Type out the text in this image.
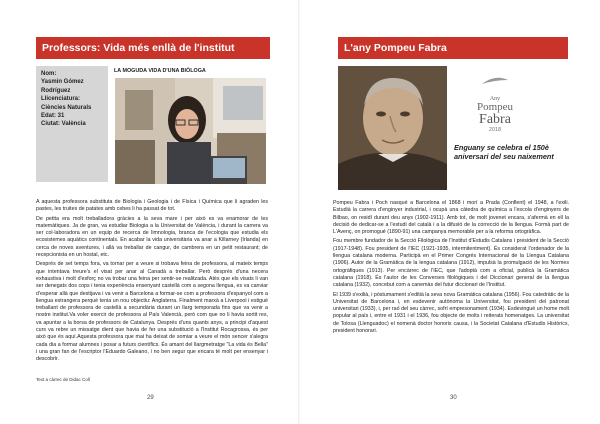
Professors: Vida més enllà de l'institut
Nom:
Yasmin Gómez
Rodríguez
Llicenciatura:
Ciències Naturals
Edat: 31
Ciutat: València
LA MOGUDA VIDA D'UNA BIÒLOGA

A aquesta professora substituta de Biologia i Geologia i de Física i Química que li agraden les pastes, les truites de patates amb cebes li ha passat de tot.

De petita era molt treballadora gràcies a la seva mare i per això es va enamorar de les matemàtiques. Ja de gran, va estudiar Biologia a la Universitat de València, i durant la carrera va ser col·laboradora en un equip de recerca de limnologia, branca de l'ecologia que estudia els ecosistemes aquàtics continentals. En acabar la vida universitària va anar a Killarney (Irlanda) en cerca de noves aventures, i allà va treballar de cangur, de cambrera en un petit restaurant; de recepcionista en un hostal, etc.

Després de set temps fora, va tornar per a veure si trobava feina de professora, al mateix temps que intentava treure's el visat per anar al Canadà a treballar. Però després d'una necera exhaustiva i molt d'esforç no va trobar una feina per sentir-se realitzada. Atès que els visats li van ser denegats dos cops i tenia experiència ensenyant castellà com a segona llengua, es va canviar d'esperar allà que destijava i va venir a Barcelona a formar-se com a professora d'espanyol com a llengua estrangera perquè tenia un nou objectiu: Anglaterra. Finalment marxà a Liverpool i estigué treballant de professora de castellà a secundària durant un llarg temporada fins que va venir a nostre institut.Va voler exercir de professora al País Valencià, però com que no li havia sortit res, va apuntar a la borsa de professors de Catalunya. Després d'uns quants anys, a principi d'aquest curs va rebre un missatge dient que havia de fer una substitució a l'Institut Rocagrossa, és per això que és aquí.Aquesta professora que mai ha deixat de somiar a veure el món sencer s'alegra cada dia a formar alumnes i posar a futurs científics. És amant del llargmetratge "La vida és Bella" i una gran fan de l'escriptor l'Eduardo Galeano, i no ben segur que encara té molt per ensenyar i descobrir.

Text a càrrec de Didac Coll
29
L'any Pompeu Fabra
Any
Pompeu
Fabra
2018
Enguany se celebra el 150è aniversari del seu naixement

Pompeu Fabra i Poch nasqué a Barcelona el 1868 i morí a Prada (Conflent) el 1948, a l'exili. Estudià la carrera d'enginyer industrial, i ocupà una càtedra de química a l'escola d'enginyers de Bilbao, on residí durant deu anys (1902-1911). Amb tot, de molt jovenet encara, s'afermà en ell la decisió de dedicar-se a l'estudi del català i a la difusió de la correcció de la llengua. Formà part de L'Avenç, on promogué (1890-91) una campanya memorable per a la reforma ortogràfica.

Fou membre fundador de la Secció Filològica de l'Institut d'Estudis Catalans i president de la Secció (1917-1948). Fou president de l'IEC (1921-1935, intermitentment). És considerat l'ordenador de la llengua catalana moderna. Participà en el Primer Congrés Internacional de la Llengua Catalana (1906). Autor de la Gramàtica de la lengua catalana (1912), impulsà la promulgació de les Normes ortogràfiques (1913). Per encàrrec de l'IEC, que l'adoptà com a oficial, publicà la Gramàtica catalana (1918). És l'autor de les Converses filològiques i del Diccionari general de la llengua catalana (1932), concebut com a canemàs del futur diccionari de l'Institut.

El 1939 s'exilià, i pòstumament s'editià la seva nova Gramàtica catalana (1956). Fou catedràtic de la Universitat de Barcelona i, en esdevenir autònoma la Universitat, fou president del patronat universitari (1933), i, per raó del seu càrrec, sofrí empresonament (1934). Esdevingué un home molt popular al país i, entre el 1931 i el 1936, fou objecte de molts i reiterats homenatges. La universitat de Tolosa (Llenguadoc) el nomenà doctor honoris causa, i la Societat Catalana d'Estudis Històrics, president honorari.

30
